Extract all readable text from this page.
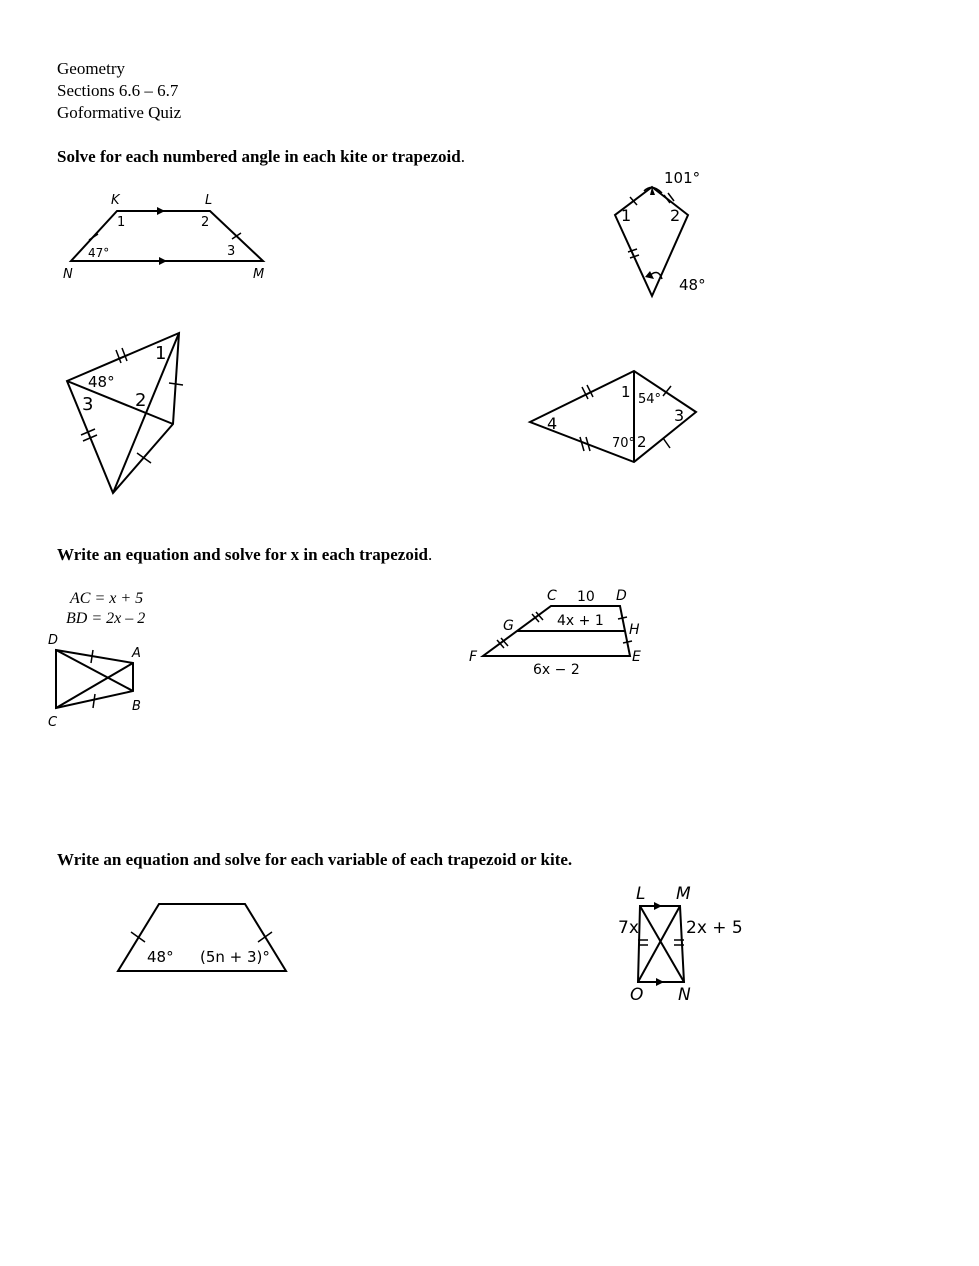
Geometry
Sections 6.6 – 6.7
Goformative Quiz
Solve for each numbered angle in each kite or trapezoid.
K	L
N	M
1	2
3
47°
101°
48°
1 2
48°
1
2
3
1 54°
3
70° 2
4
Write an equation and solve for x in each trapezoid.
AC = x + 5
BD = 2x – 2
D
A
C
B
C	D
G	H
F	E
10
4x + 1
6x − 2
Write an equation and solve for each variable of each trapezoid or kite.
48° (5n + 3)°
L M
O N
7x	2x + 5
